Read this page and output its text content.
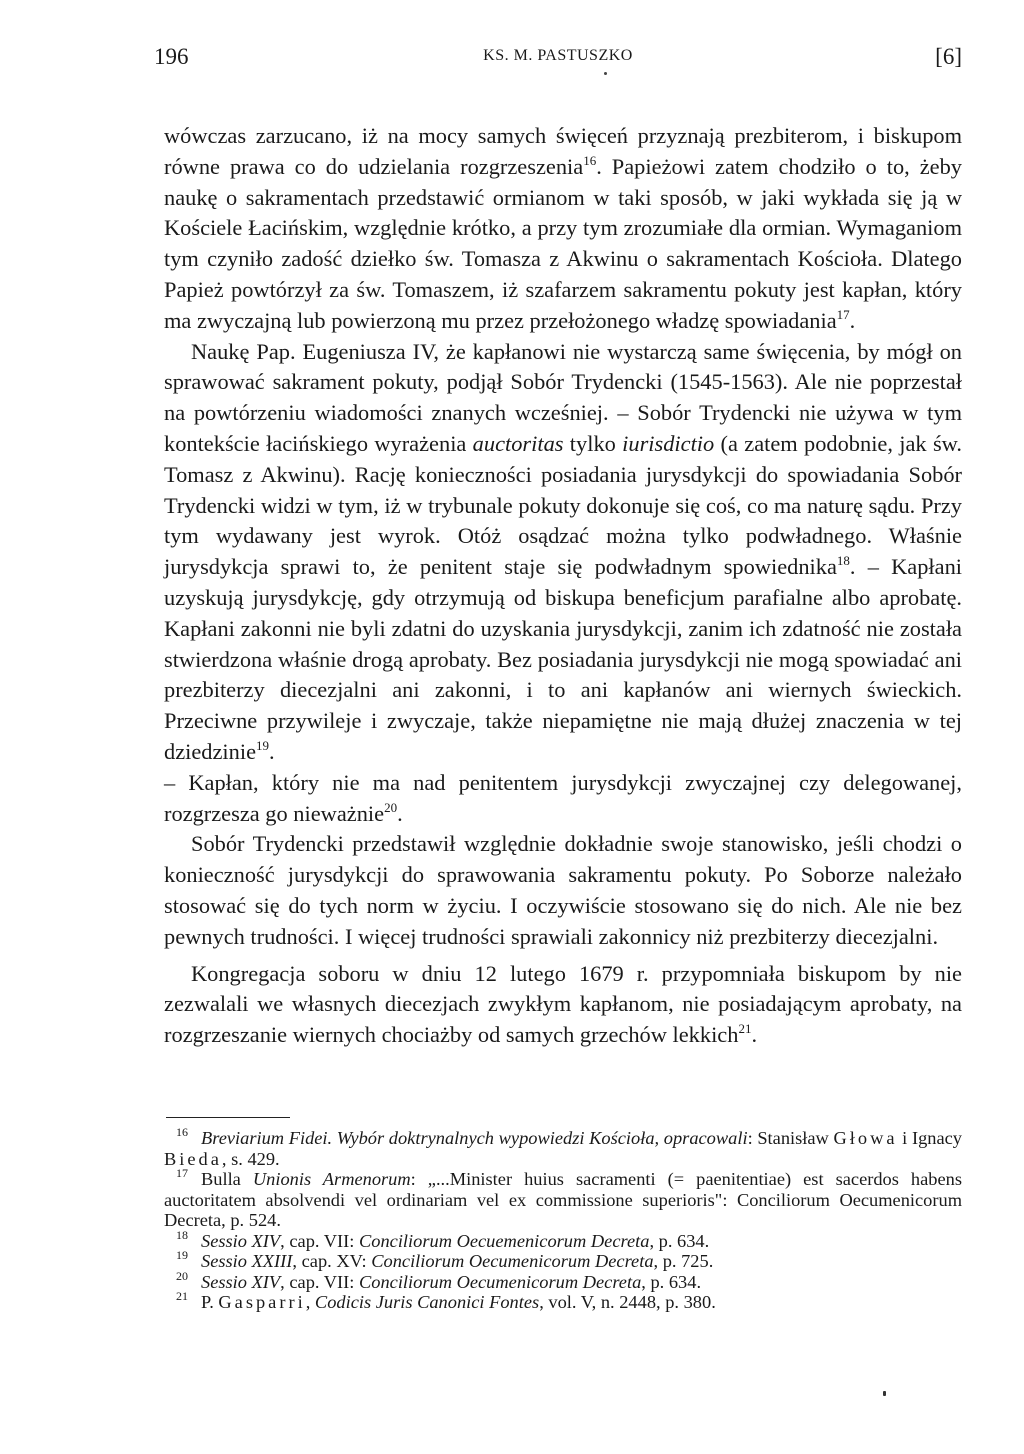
196	KS. M. PASTUSZKO	[6]

wówczas zarzucano, iż na mocy samych święceń przyznają prezbiterom, i biskupom równe prawa co do udzielania rozgrzeszenia$^{16}$. Papieżowi zatem chodziło o to, żeby naukę o sakramentach przedstawić ormianom w taki sposób, w jaki wykłada się ją w Kościele Łacińskim, względnie krótko, a przy tym zrozumiałe dla ormian. Wymaganiom tym czyniło zadość dziełko św. Tomasza z Akwinu o sakramentach Kościoła. Dlatego Papież powtórzył za św. Tomaszem, iż szafarzem sakramentu pokuty jest kapłan, który ma zwyczajną lub powierzoną mu przez przełożonego władzę spowiadania$^{17}$.

Naukę Pap. Eugeniusza IV, że kapłanowi nie wystarczą same święcenia, by mógł on sprawować sakrament pokuty, podjął Sobór Trydencki (1545-1563). Ale nie poprzestał na powtórzeniu wiadomości znanych wcześniej. – Sobór Trydencki nie używa w tym kontekście łacińskiego wyrażenia auctoritas tylko iurisdictio (a zatem podobnie, jak św. Tomasz z Akwinu). Rację konieczności posiadania jurysdykcji do spowiadania Sobór Trydencki widzi w tym, iż w trybunale pokuty dokonuje się coś, co ma naturę sądu. Przy tym wydawany jest wyrok. Otóż osądzać można tylko podwładnego. Właśnie jurysdykcja sprawi to, że penitent staje się podwładnym spowiednika$^{18}$. – Kapłani uzyskują jurysdykcję, gdy otrzymują od biskupa beneficjum parafialne albo aprobatę. Kapłani zakonni nie byli zdatni do uzyskania jurysdykcji, zanim ich zdatność nie została stwierdzona właśnie drogą aprobaty. Bez posiadania jurysdykcji nie mogą spowiadać ani prezbiterzy diecezjalni ani zakonni, i to ani kapłanów ani wiernych świeckich. Przeciwne przywileje i zwyczaje, także niepamiętne nie mają dłużej znaczenia w tej dziedzinie$^{19}$.

– Kapłan, który nie ma nad penitentem jurysdykcji zwyczajnej czy delegowanej, rozgrzesza go nieważnie$^{20}$.

Sobór Trydencki przedstawił względnie dokładnie swoje stanowisko, jeśli chodzi o konieczność jurysdykcji do sprawowania sakramentu pokuty. Po Soborze należało stosować się do tych norm w życiu. I oczywiście stosowano się do nich. Ale nie bez pewnych trudności. I więcej trudności sprawiali zakonnicy niż prezbiterzy diecezjalni.

Kongregacja soboru w dniu 12 lutego 1679 r. przypomniała biskupom by nie zezwalali we własnych diecezjach zwykłym kapłanom, nie posiadającym aprobaty, na rozgrzeszanie wiernych chociażby od samych grzechów lekkich$^{21}$.

16 Breviarium Fidei. Wybór doktrynalnych wypowiedzi Kościoła, opracowali: Stanisław Głowa i Ignacy Bieda, s. 429.

17 Bulla Unionis Armenorum: „...Minister huius sacramenti (= paenitentiae) est sacerdos habens auctoritatem absolvendi vel ordinariam vel ex commissione superioris": Conciliorum Oecumenicorum Decreta, p. 524.

18 Sessio XIV, cap. VII: Conciliorum Oecuemenicorum Decreta, p. 634.

19 Sessio XXIII, cap. XV: Conciliorum Oecumenicorum Decreta, p. 725.

20 Sessio XIV, cap. VII: Conciliorum Oecumenicorum Decreta, p. 634.

21 P. Gasparri, Codicis Juris Canonici Fontes, vol. V, n. 2448, p. 380.
